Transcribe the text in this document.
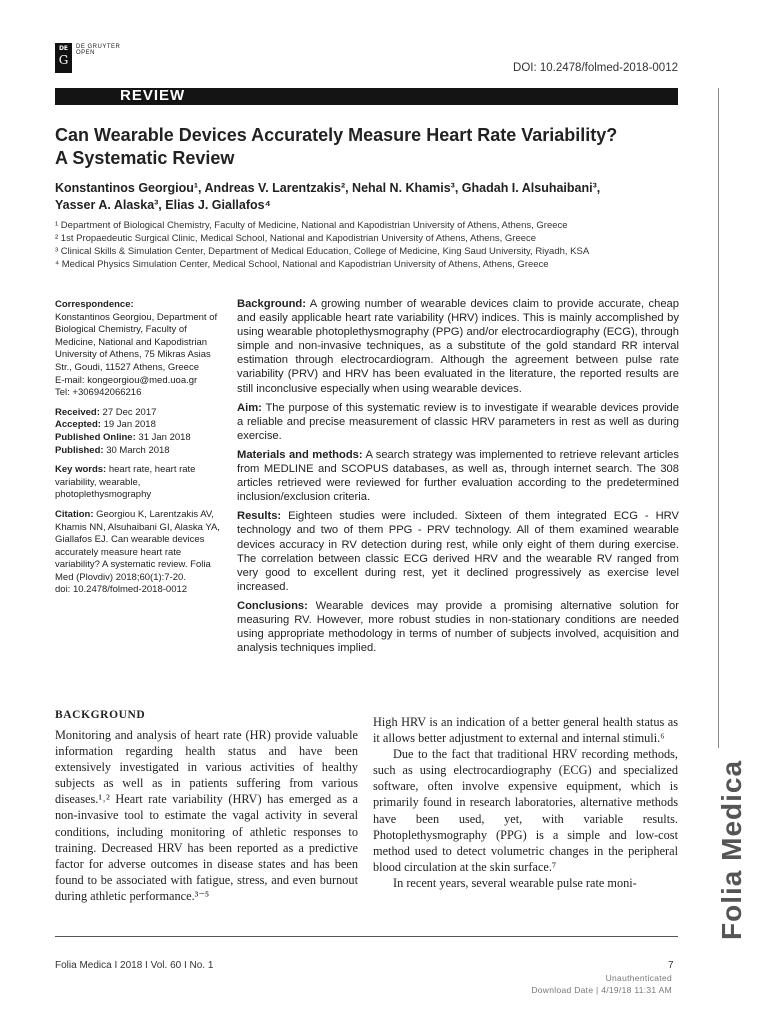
DE
G
DE GRUYTER
OPEN
DOI: 10.2478/folmed-2018-0012
REVIEW
Can Wearable Devices Accurately Measure Heart Rate Variability?
A Systematic Review
Konstantinos Georgiou¹, Andreas V. Larentzakis², Nehal N. Khamis³, Ghadah I. Alsuhaibani³,
Yasser A. Alaska³, Elias J. Giallafos⁴
¹ Department of Biological Chemistry, Faculty of Medicine, National and Kapodistrian University of Athens, Athens, Greece
² 1st Propaedeutic Surgical Clinic, Medical School, National and Kapodistrian University of Athens, Athens, Greece
³ Clinical Skills & Simulation Center, Department of Medical Education, College of Medicine, King Saud University, Riyadh, KSA
⁴ Medical Physics Simulation Center, Medical School, National and Kapodistrian University of Athens, Athens, Greece
Correspondence:
Konstantinos Georgiou, Department of Biological Chemistry, Faculty of Medicine, National and Kapodistrian University of Athens, 75 Mikras Asias Str., Goudi, 11527 Athens, Greece
E-mail: kongeorgiou@med.uoa.gr
Tel: +306942066216
Received: 27 Dec 2017
Accepted: 19 Jan 2018
Published Online: 31 Jan 2018
Published: 30 March 2018
Key words: heart rate, heart rate variability, wearable, photoplethysmography
Citation: Georgiou K, Larentzakis AV, Khamis NN, Alsuhaibani GI, Alaska YA, Giallafos EJ. Can wearable devices accurately measure heart rate variability? A systematic review. Folia Med (Plovdiv) 2018;60(1):7-20.
doi: 10.2478/folmed-2018-0012

Background: A growing number of wearable devices claim to provide accurate, cheap and easily applicable heart rate variability (HRV) indices. This is mainly accomplished by using wearable photoplethysmography (PPG) and/or electrocardiography (ECG), through simple and non-invasive techniques, as a substitute of the gold standard RR interval estimation through electrocardiogram. Although the agreement between pulse rate variability (PRV) and HRV has been evaluated in the literature, the reported results are still inconclusive especially when using wearable devices.

Aim: The purpose of this systematic review is to investigate if wearable devices provide a reliable and precise measurement of classic HRV parameters in rest as well as during exercise.

Materials and methods: A search strategy was implemented to retrieve relevant articles from MEDLINE and SCOPUS databases, as well as, through internet search. The 308 articles retrieved were reviewed for further evaluation according to the predetermined inclusion/exclusion criteria.

Results: Eighteen studies were included. Sixteen of them integrated ECG - HRV technology and two of them PPG - PRV technology. All of them examined wearable devices accuracy in RV detection during rest, while only eight of them during exercise. The correlation between classic ECG derived HRV and the wearable RV ranged from very good to excellent during rest, yet it declined progressively as exercise level increased.

Conclusions: Wearable devices may provide a promising alternative solution for measuring RV. However, more robust studies in non-stationary conditions are needed using appropriate methodology in terms of number of subjects involved, acquisition and analysis techniques implied.

BACKGROUND

Monitoring and analysis of heart rate (HR) provide valuable information regarding health status and have been extensively investigated in various activities of healthy subjects as well as in patients suffering from various diseases.¹˒² Heart rate variability (HRV) has emerged as a non-invasive tool to estimate the vagal activity in several conditions, including monitoring of athletic responses to training. Decreased HRV has been reported as a predictive factor for adverse outcomes in disease states and has been found to be associated with fatigue, stress, and even burnout during athletic performance.³⁻⁵

High HRV is an indication of a better general health status as it allows better adjustment to external and internal stimuli.⁶

Due to the fact that traditional HRV recording methods, such as using electrocardiography (ECG) and specialized software, often involve expensive equipment, which is primarily found in research laboratories, alternative methods have been used, yet, with variable results. Photoplethysmography (PPG) is a simple and low-cost method used to detect volumetric changes in the peripheral blood circulation at the skin surface.⁷

In recent years, several wearable pulse rate moni-

Folia Medica I 2018 I Vol. 60 I No. 1	7
Unauthenticated
Download Date | 4/19/18 11:31 AM
Folia Medica
